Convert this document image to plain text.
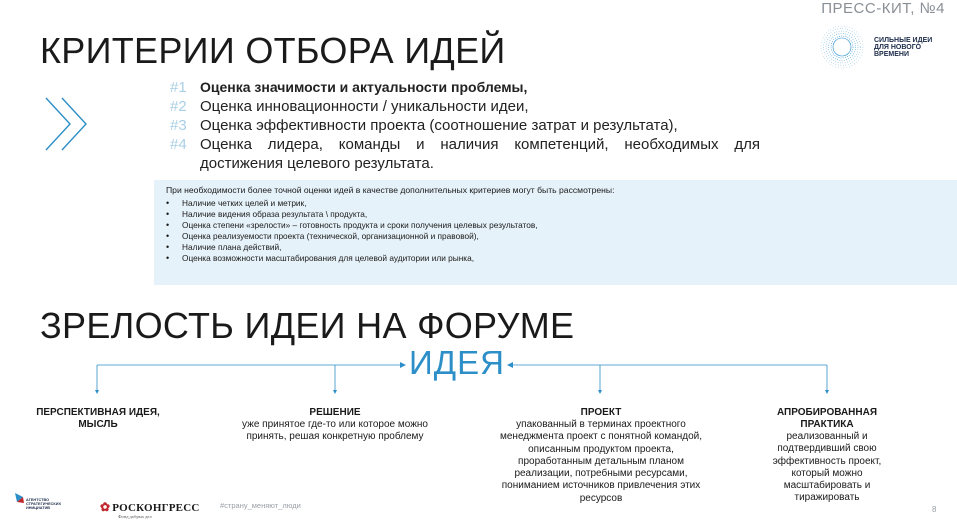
ПРЕСС-КИТ, №4
СИЛЬНЫЕ ИДЕИ ДЛЯ НОВОГО ВРЕМЕНИ
КРИТЕРИИ ОТБОРА ИДЕЙ
#1 Оценка значимости и актуальности проблемы,
#2 Оценка инновационности / уникальности идеи,
#3 Оценка эффективности проекта (соотношение затрат и результата),
#4 Оценка лидера, команды и наличия компетенций, необходимых для достижения целевого результата.
При необходимости более точной оценки идей в качестве дополнительных критериев могут быть рассмотрены:
• Наличие четких целей и метрик,
• Наличие видения образа результата \ продукта,
• Оценка степени «зрелости» – готовность продукта и сроки получения целевых результатов,
• Оценка реализуемости проекта (технической, организационной и правовой),
• Наличие плана действий,
• Оценка возможности масштабирования для целевой аудитории или рынка,
ЗРЕЛОСТЬ ИДЕИ НА ФОРУМЕ
ИДЕЯ
ПЕРСПЕКТИВНАЯ ИДЕЯ, МЫСЛЬ
РЕШЕНИЕ
уже принятое где-то или которое можно принять, решая конкретную проблему
ПРОЕКТ
упакованный в терминах проектного менеджмента проект с понятной командой, описанным продуктом проекта, проработанным детальным планом реализации, потребными ресурсами, пониманием источников привлечения этих ресурсов
АПРОБИРОВАННАЯ ПРАКТИКА
реализованный и подтвердивший свою эффективность проект, который можно масштабировать и тиражировать
АГЕНТСТВО СТРАТЕГИЧЕСКИХ ИНИЦИАТИВ	✿ РОСКОНГРЕСС
Фонд добрых дел
#страну_меняют_люди	8
